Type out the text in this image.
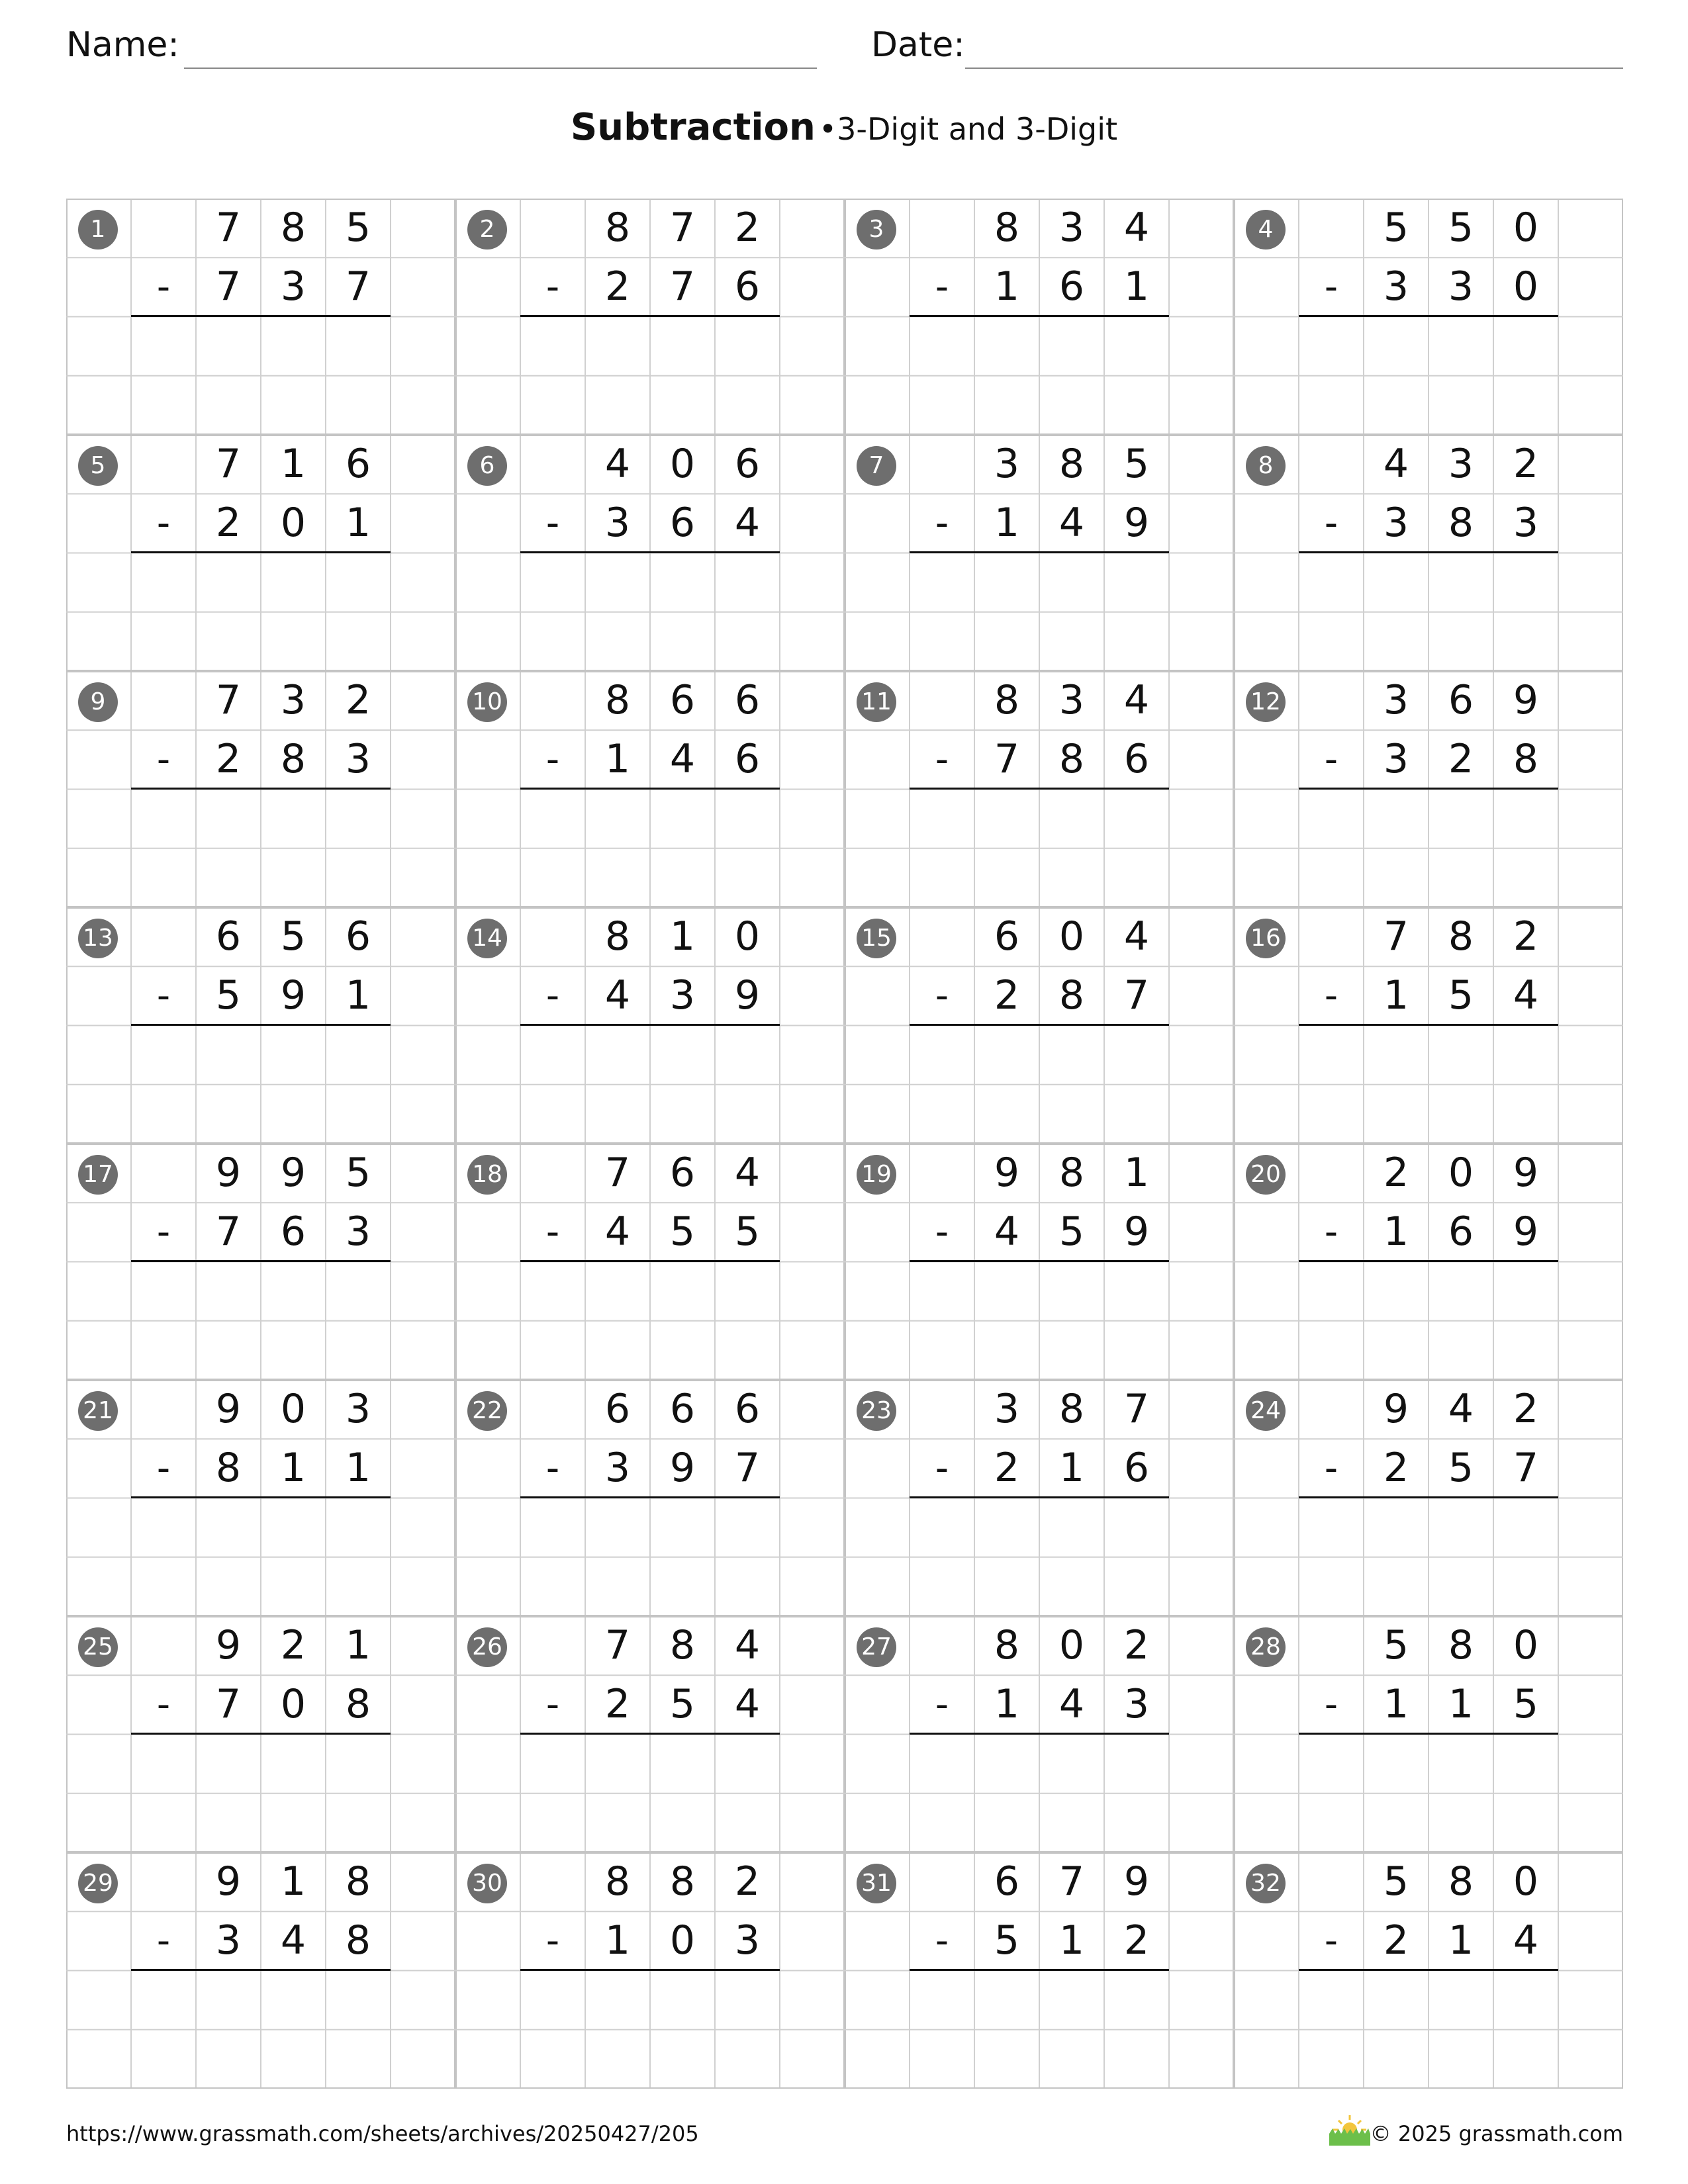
Name:	Date:
Subtraction •3-Digit and 3-Digit
1	7 8 5
-	7 3 7
2	8 7 2
-	2 7 6
3	8 3 4
-	1 6 1
4	5 5 0
-	3 3 0
5	7 1 6
-	2 0 1
6	4 0 6
-	3 6 4
7	3 8 5
-	1 4 9
8	4 3 2
-	3 8 3
9	7 3 2
-	2 8 3
10	8 6 6
-	1 4 6
11	8 3 4
-	7 8 6
12	3 6 9
-	3 2 8
13	6 5 6
-	5 9 1
14	8 1 0
-	4 3 9
15	6 0 4
-	2 8 7
16	7 8 2
-	1 5 4
17	9 9 5
-	7 6 3
18	7 6 4
-	4 5 5
19	9 8 1
-	4 5 9
20	2 0 9
-	1 6 9
21	9 0 3
-	8 1 1
22	6 6 6
-	3 9 7
23	3 8 7
-	2 1 6
24	9 4 2
-	2 5 7
25	9 2 1
-	7 0 8
26	7 8 4
-	2 5 4
27	8 0 2
-	1 4 3
28	5 8 0
-	1 1 5
29	9 1 8
-	3 4 8
30	8 8 2
-	1 0 3
31	6 7 9
-	5 1 2
32	5 8 0
-	2 1 4
https://www.grassmath.com/sheets/archives/20250427/205	© 2025 grassmath.com
